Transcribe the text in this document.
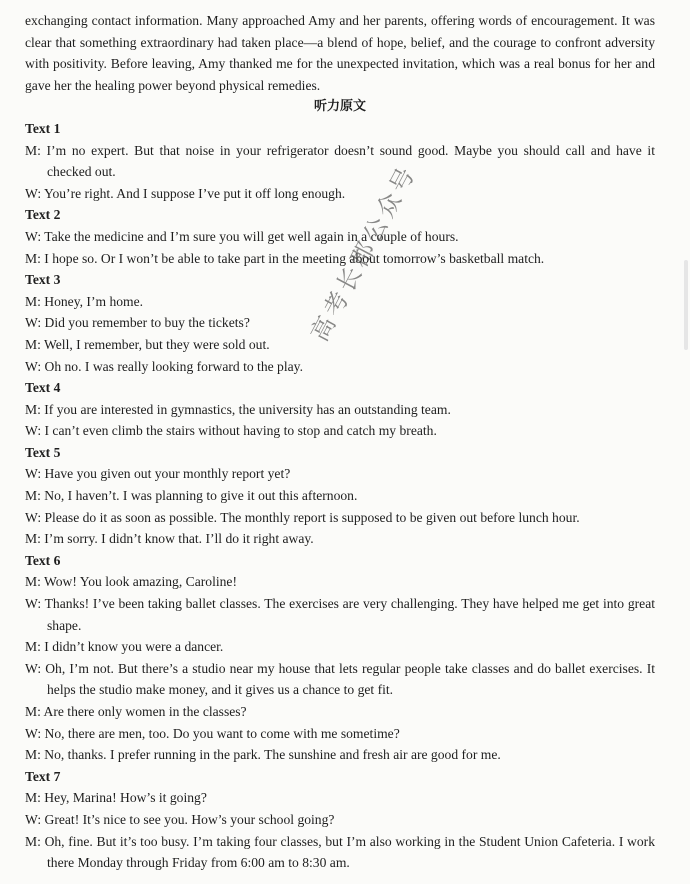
exchanging contact information. Many approached Amy and her parents, offering words of encouragement. It was clear that something extraordinary had taken place—a blend of hope, belief, and the courage to confront adversity with positivity. Before leaving, Amy thanked me for the unexpected invitation, which was a real bonus for her and gave her the healing power beyond physical remedies.

听力原文

Text 1

M: I’m no expert. But that noise in your refrigerator doesn’t sound good. Maybe you should call and have it checked out.

W: You’re right. And I suppose I’ve put it off long enough.

Text 2

W: Take the medicine and I’m sure you will get well again in a couple of hours.

M: I hope so. Or I won’t be able to take part in the meeting about tomorrow’s basketball match.

Text 3

M: Honey, I’m home.

W: Did you remember to buy the tickets?

M: Well, I remember, but they were sold out.

W: Oh no. I was really looking forward to the play.

Text 4

M: If you are interested in gymnastics, the university has an outstanding team.

W: I can’t even climb the stairs without having to stop and catch my breath.

Text 5

W: Have you given out your monthly report yet?

M: No, I haven’t. I was planning to give it out this afternoon.

W: Please do it as soon as possible. The monthly report is supposed to be given out before lunch hour.

M: I’m sorry. I didn’t know that. I’ll do it right away.

Text 6

M: Wow! You look amazing, Caroline!

W: Thanks! I’ve been taking ballet classes. The exercises are very challenging. They have helped me get into great shape.

M: I didn’t know you were a dancer.

W: Oh, I’m not. But there’s a studio near my house that lets regular people take classes and do ballet exercises. It helps the studio make money, and it gives us a chance to get fit.

M: Are there only women in the classes?

W: No, there are men, too. Do you want to come with me sometime?

M: No, thanks. I prefer running in the park. The sunshine and fresh air are good for me.

Text 7

M: Hey, Marina! How’s it going?

W: Great! It’s nice to see you. How’s your school going?

M: Oh, fine. But it’s too busy. I’m taking four classes, but I’m also working in the Student Union Cafeteria. I work there Monday through Friday from 6:00 am to 8:30 am.

高考长郡公众号
